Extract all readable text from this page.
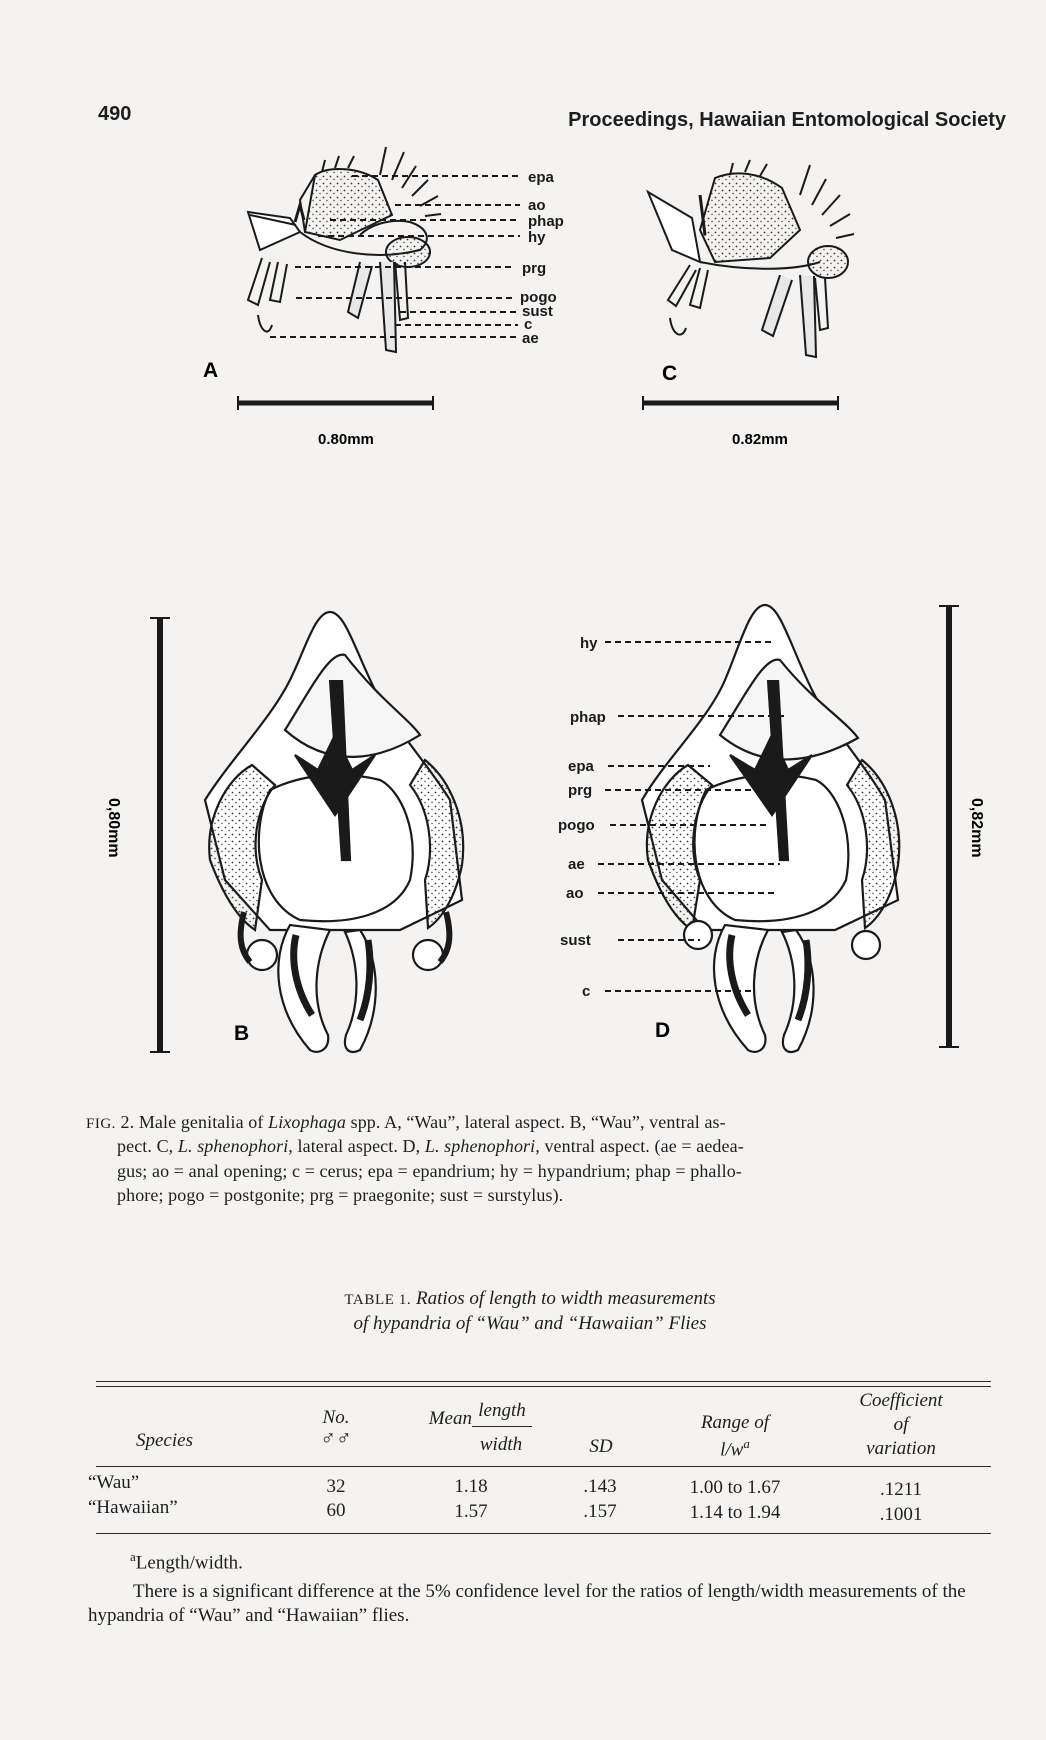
490	Proceedings, Hawaiian Entomological Society
epa
ao
phap
hy
prg
pogo
sust
c
ae
A
0.80mm
C
0.82mm
0,80mm
B
hy
phap
epa
prg
pogo
ae
ao
sust
c
D
0,82mm
FIG. 2. Male genitalia of Lixophaga spp. A, “Wau”, lateral aspect. B, “Wau”, ventral as-
pect. C, L. sphenophori, lateral aspect. D, L. sphenophori, ventral aspect. (ae = aedea-
gus; ao = anal opening; c = cerus; epa = epandrium; hy = hypandrium; phap = phallo-
phore; pogo = postgonite; prg = praegonite; sust = surstylus).
TABLE 1. Ratios of length to width measurements
of hypandria of “Wau” and “Hawaiian” Flies
Species
No.
♂♂
Mean length
width	SD
Range of
$l/w^a$
Coefficient
of
variation
“Wau”	32	1.18	.143	1.00 to 1.67	.1211
“Hawaiian”	60	1.57	.157	1.14 to 1.94	.1001
$^a$Length/width.
There is a significant difference at the 5% confidence level for the ratios of length/width measurements of the hypandria of “Wau” and “Hawaiian” flies.
